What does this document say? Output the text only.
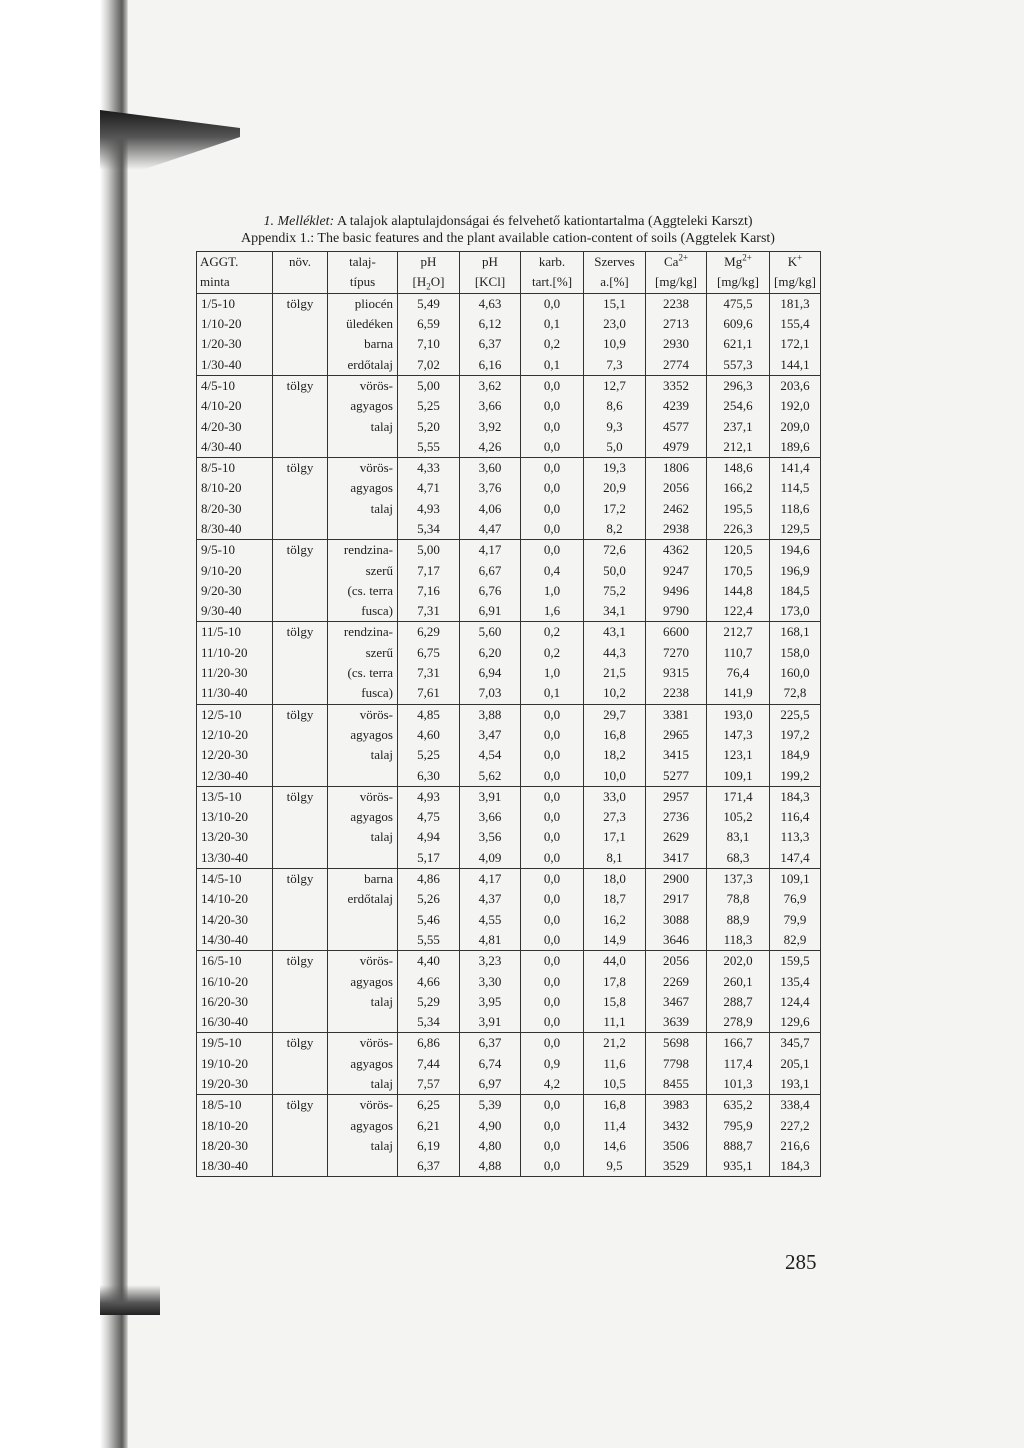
1. Melléklet: A talajok alaptulajdonságai és felvehető kationtartalma (Aggteleki Karszt)
Appendix 1.: The basic features and the plant available cation-content of soils (Aggtelek Karst)
AGGT.	növ.	talaj-	pH	pH	karb.	Szerves	$Ca^{2+}$	$Mg^{2+}$	K+
minta		típus	$[H_2O]$	[KCl]	tart.[%]	a.[%]	[mg/kg]	[mg/kg]	[mg/kg]
1/5-10	tölgy	pliocén	5,49	4,63	0,0	15,1	2238	475,5	181,3
1/10-20		üledéken	6,59	6,12	0,1	23,0	2713	609,6	155,4
1/20-30		barna	7,10	6,37	0,2	10,9	2930	621,1	172,1
1/30-40		erdőtalaj	7,02	6,16	0,1	7,3	2774	557,3	144,1
4/5-10	tölgy	vörös-	5,00	3,62	0,0	12,7	3352	296,3	203,6
4/10-20		agyagos	5,25	3,66	0,0	8,6	4239	254,6	192,0
4/20-30		talaj	5,20	3,92	0,0	9,3	4577	237,1	209,0
4/30-40			5,55	4,26	0,0	5,0	4979	212,1	189,6
8/5-10	tölgy	vörös-	4,33	3,60	0,0	19,3	1806	148,6	141,4
8/10-20		agyagos	4,71	3,76	0,0	20,9	2056	166,2	114,5
8/20-30		talaj	4,93	4,06	0,0	17,2	2462	195,5	118,6
8/30-40			5,34	4,47	0,0	8,2	2938	226,3	129,5
9/5-10	tölgy	rendzina-	5,00	4,17	0,0	72,6	4362	120,5	194,6
9/10-20		szerű	7,17	6,67	0,4	50,0	9247	170,5	196,9
9/20-30		(cs. terra	7,16	6,76	1,0	75,2	9496	144,8	184,5
9/30-40		fusca)	7,31	6,91	1,6	34,1	9790	122,4	173,0
11/5-10	tölgy	rendzina-	6,29	5,60	0,2	43,1	6600	212,7	168,1
11/10-20		szerű	6,75	6,20	0,2	44,3	7270	110,7	158,0
11/20-30		(cs. terra	7,31	6,94	1,0	21,5	9315	76,4	160,0
11/30-40		fusca)	7,61	7,03	0,1	10,2	2238	141,9	72,8
12/5-10	tölgy	vörös-	4,85	3,88	0,0	29,7	3381	193,0	225,5
12/10-20		agyagos	4,60	3,47	0,0	16,8	2965	147,3	197,2
12/20-30		talaj	5,25	4,54	0,0	18,2	3415	123,1	184,9
12/30-40			6,30	5,62	0,0	10,0	5277	109,1	199,2
13/5-10	tölgy	vörös-	4,93	3,91	0,0	33,0	2957	171,4	184,3
13/10-20		agyagos	4,75	3,66	0,0	27,3	2736	105,2	116,4
13/20-30		talaj	4,94	3,56	0,0	17,1	2629	83,1	113,3
13/30-40			5,17	4,09	0,0	8,1	3417	68,3	147,4
14/5-10	tölgy	barna	4,86	4,17	0,0	18,0	2900	137,3	109,1
14/10-20		erdőtalaj	5,26	4,37	0,0	18,7	2917	78,8	76,9
14/20-30			5,46	4,55	0,0	16,2	3088	88,9	79,9
14/30-40			5,55	4,81	0,0	14,9	3646	118,3	82,9
16/5-10	tölgy	vörös-	4,40	3,23	0,0	44,0	2056	202,0	159,5
16/10-20		agyagos	4,66	3,30	0,0	17,8	2269	260,1	135,4
16/20-30		talaj	5,29	3,95	0,0	15,8	3467	288,7	124,4
16/30-40			5,34	3,91	0,0	11,1	3639	278,9	129,6
19/5-10	tölgy	vörös-	6,86	6,37	0,0	21,2	5698	166,7	345,7
19/10-20		agyagos	7,44	6,74	0,9	11,6	7798	117,4	205,1
19/20-30		talaj	7,57	6,97	4,2	10,5	8455	101,3	193,1
18/5-10	tölgy	vörös-	6,25	5,39	0,0	16,8	3983	635,2	338,4
18/10-20		agyagos	6,21	4,90	0,0	11,4	3432	795,9	227,2
18/20-30		talaj	6,19	4,80	0,0	14,6	3506	888,7	216,6
18/30-40			6,37	4,88	0,0	9,5	3529	935,1	184,3
285
